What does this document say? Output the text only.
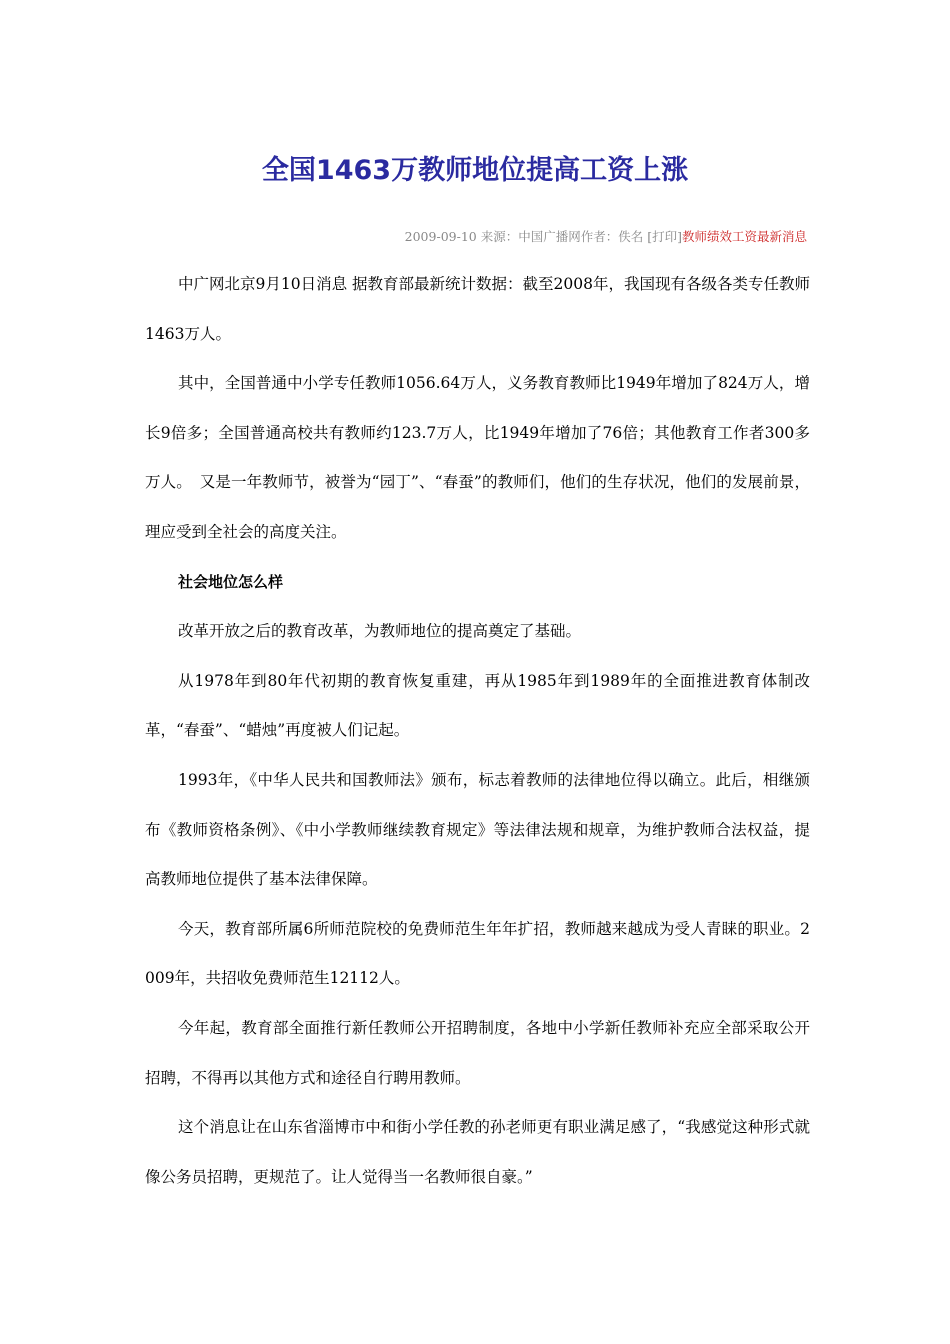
全国1463万教师地位提高工资上涨
2009-09-10 来源：中国广播网作者：佚名 [打印]教师绩效工资最新消息

中广网北京9月10日消息 据教育部最新统计数据：截至2008年，我国现有各级各类专任教师1463万人。

其中，全国普通中小学专任教师1056.64万人，义务教育教师比1949年增加了824万人，增长9倍多；全国普通高校共有教师约123.7万人，比1949年增加了76倍；其他教育工作者300多万人。　又是一年教师节，被誉为“园丁”、“春蚕”的教师们，他们的生存状况，他们的发展前景，理应受到全社会的高度关注。

社会地位怎么样

改革开放之后的教育改革，为教师地位的提高奠定了基础。

从1978年到80年代初期的教育恢复重建，再从1985年到1989年的全面推进教育体制改革，“春蚕”、“蜡烛”再度被人们记起。

1993年，《中华人民共和国教师法》颁布，标志着教师的法律地位得以确立。此后，相继颁布《教师资格条例》、《中小学教师继续教育规定》等法律法规和规章，为维护教师合法权益，提高教师地位提供了基本法律保障。

今天，教育部所属6所师范院校的免费师范生年年扩招，教师越来越成为受人青睐的职业。2009年，共招收免费师范生12112人。

今年起，教育部全面推行新任教师公开招聘制度，各地中小学新任教师补充应全部采取公开招聘，不得再以其他方式和途径自行聘用教师。

这个消息让在山东省淄博市中和街小学任教的孙老师更有职业满足感了，“我感觉这种形式就像公务员招聘，更规范了。让人觉得当一名教师很自豪。”
